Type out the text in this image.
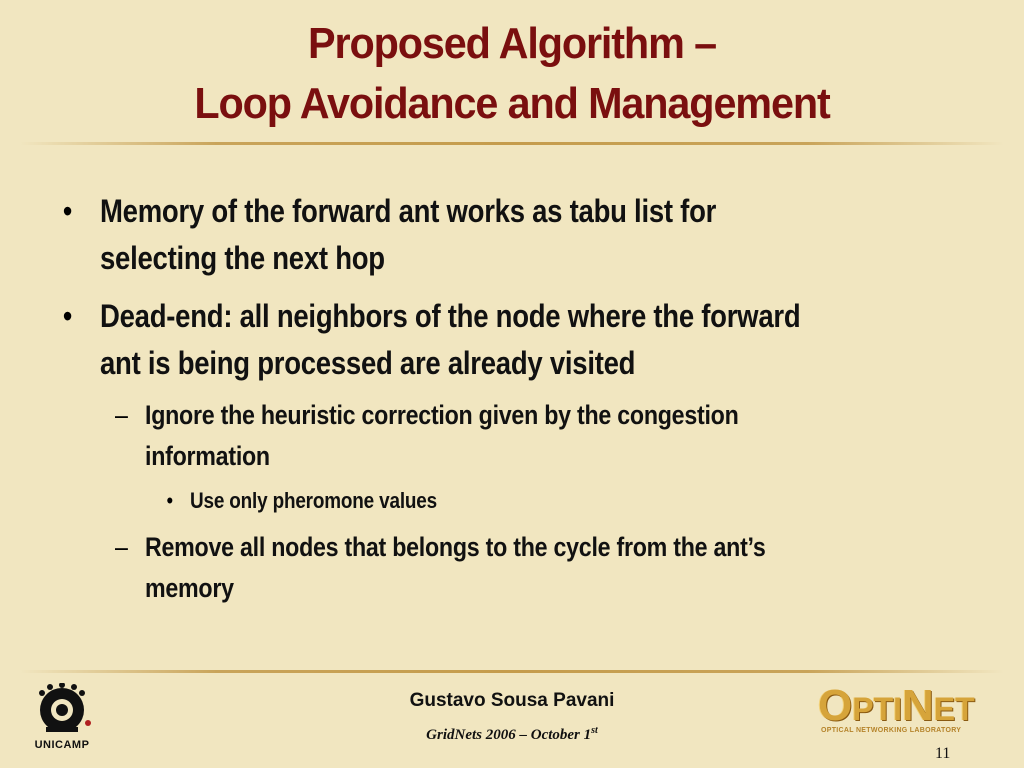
Proposed Algorithm –
Loop Avoidance and Management
• Memory of the forward ant works as tabu list for
selecting the next hop
• Dead-end: all neighbors of the node where the forward
ant is being processed are already visited
– Ignore the heuristic correction given by the congestion
information
• Use only pheromone values
– Remove all nodes that belongs to the cycle from the ant’s
memory
UNICAMP
Gustavo Sousa Pavani
GridNets 2006 – October 1st
OPTINET
OPTICAL NETWORKING LABORATORY
11
